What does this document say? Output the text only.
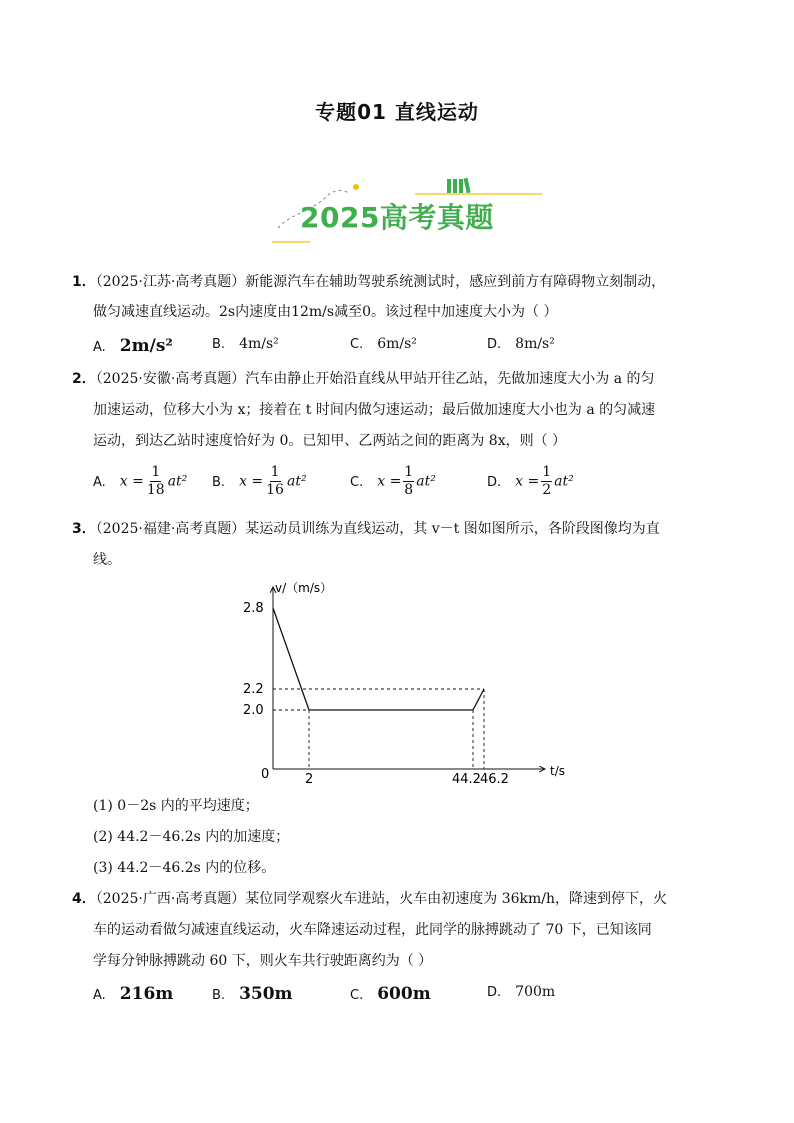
专题01 直线运动
2025高考真题
1．（2025·江苏·高考真题）新能源汽车在辅助驾驶系统测试时，感应到前方有障碍物立刻制动，
做匀减速直线运动。2s内速度由12m/s减至0。该过程中加速度大小为（ ）
A. 2m/s²	B. 4m/s²	C. 6m/s²	D. 8m/s²
2．（2025·安徽·高考真题）汽车由静止开始沿直线从甲站开往乙站，先做加速度大小为 a 的匀
加速运动，位移大小为 x；接着在 t 时间内做匀速运动；最后做加速度大小也为 a 的匀减速
运动，到达乙站时速度恰好为 0。已知甲、乙两站之间的距离为 8x，则（ ）
A. $x = \frac{1}{18} at^2$ B. $x = \frac{1}{16} at^2$	C. $x = \frac{1}{8} at^2$	D. $x = \frac{1}{2} at^2$
3．（2025·福建·高考真题）某运动员训练为直线运动，其 v－t 图如图所示，各阶段图像均为直
线。
v/（m/s）
t/s
2.8
2.2
2.0
0	2	44.2 46.2
(1) 0－2s 内的平均速度；
(2) 44.2－46.2s 内的加速度；
(3) 44.2－46.2s 内的位移。
4．（2025·广西·高考真题）某位同学观察火车进站，火车由初速度为 36km/h，降速到停下，火
车的运动看做匀减速直线运动，火车降速运动过程，此同学的脉搏跳动了 70 下，已知该同
学每分钟脉搏跳动 60 下，则火车共行驶距离约为（ ）
A. 216m	B. 350m	C. 600m	D. 700m
